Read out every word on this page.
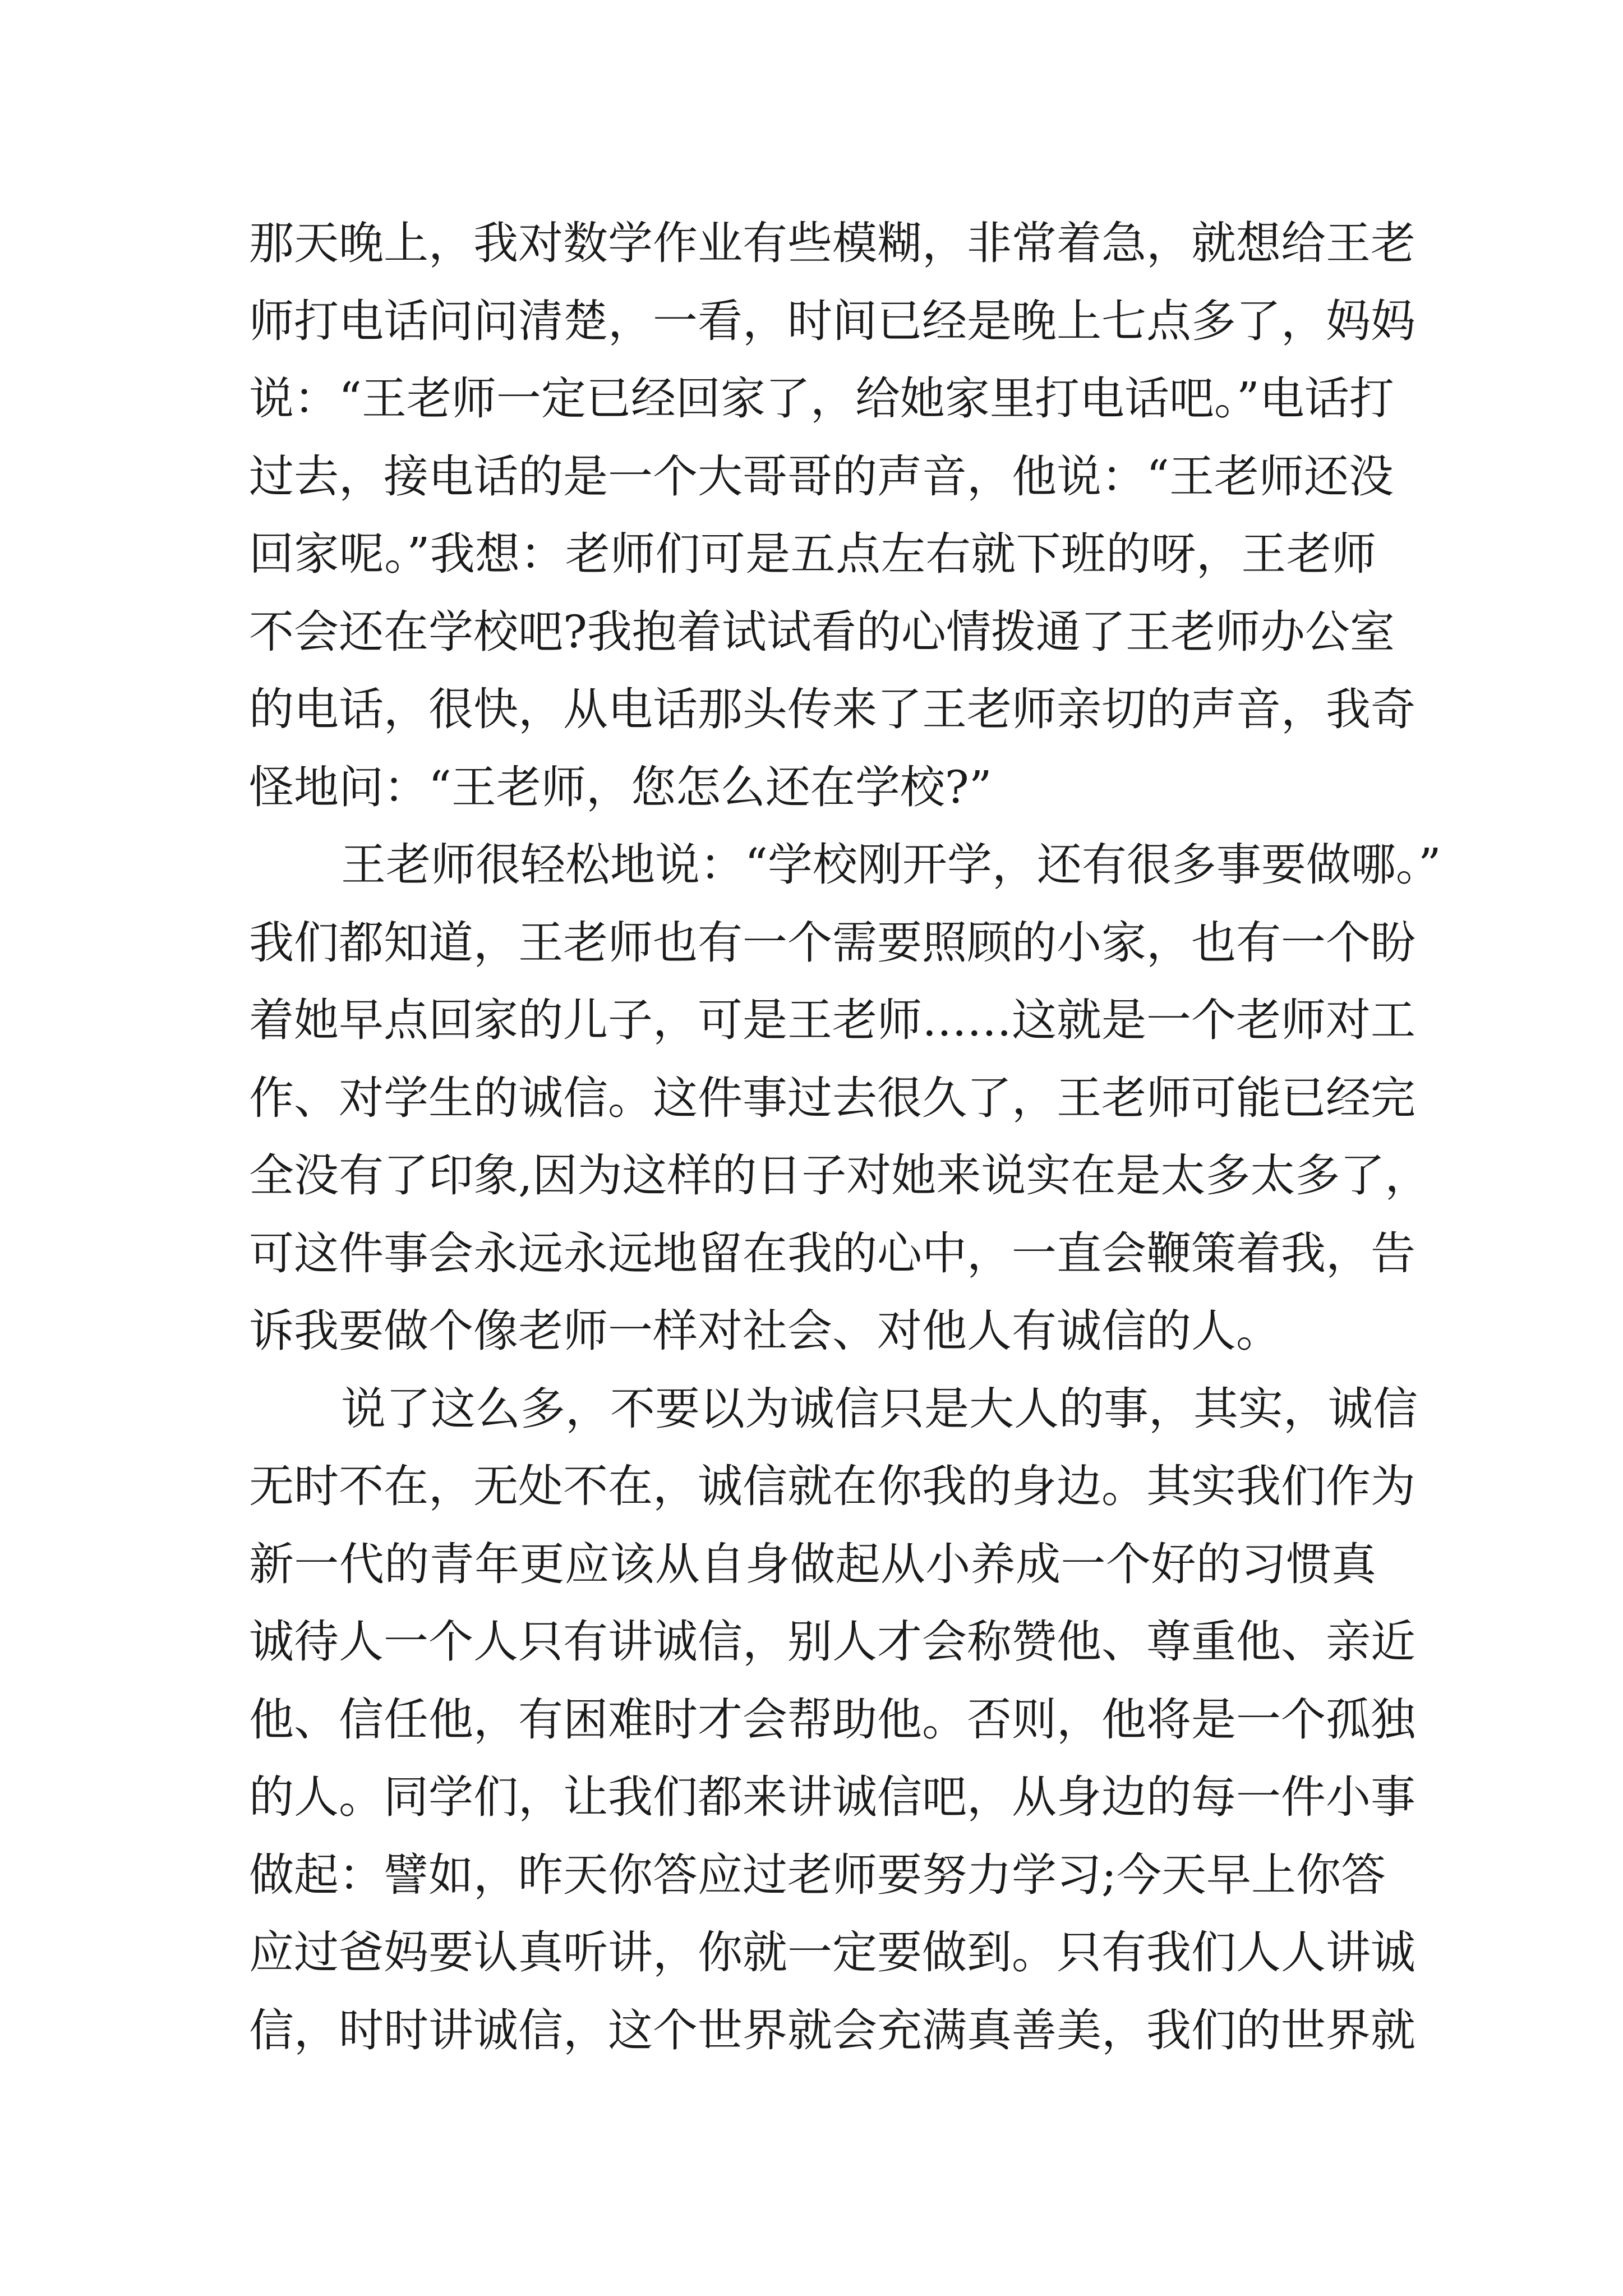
那天晚上，我对数学作业有些模糊，非常着急，就想给王老
师打电话问问清楚，一看，时间已经是晚上七点多了，妈妈
说：“王老师一定已经回家了，给她家里打电话吧。”电话打
过去，接电话的是一个大哥哥的声音，他说：“王老师还没
回家呢。”我想：老师们可是五点左右就下班的呀，王老师
不会还在学校吧?我抱着试试看的心情拨通了王老师办公室
的电话，很快，从电话那头传来了王老师亲切的声音，我奇
怪地问：“王老师，您怎么还在学校?”
王老师很轻松地说：“学校刚开学，还有很多事要做哪。”
我们都知道，王老师也有一个需要照顾的小家，也有一个盼
着她早点回家的儿子，可是王老师……这就是一个老师对工
作、对学生的诚信。这件事过去很久了，王老师可能已经完
全没有了印象,因为这样的日子对她来说实在是太多太多了，
可这件事会永远永远地留在我的心中，一直会鞭策着我，告
诉我要做个像老师一样对社会、对他人有诚信的人。
说了这么多，不要以为诚信只是大人的事，其实，诚信
无时不在，无处不在，诚信就在你我的身边。其实我们作为
新一代的青年更应该从自身做起从小养成一个好的习惯真
诚待人一个人只有讲诚信，别人才会称赞他、尊重他、亲近
他、信任他，有困难时才会帮助他。否则，他将是一个孤独
的人。同学们，让我们都来讲诚信吧，从身边的每一件小事
做起：譬如，昨天你答应过老师要努力学习;今天早上你答
应过爸妈要认真听讲，你就一定要做到。只有我们人人讲诚
信，时时讲诚信，这个世界就会充满真善美，我们的世界就
